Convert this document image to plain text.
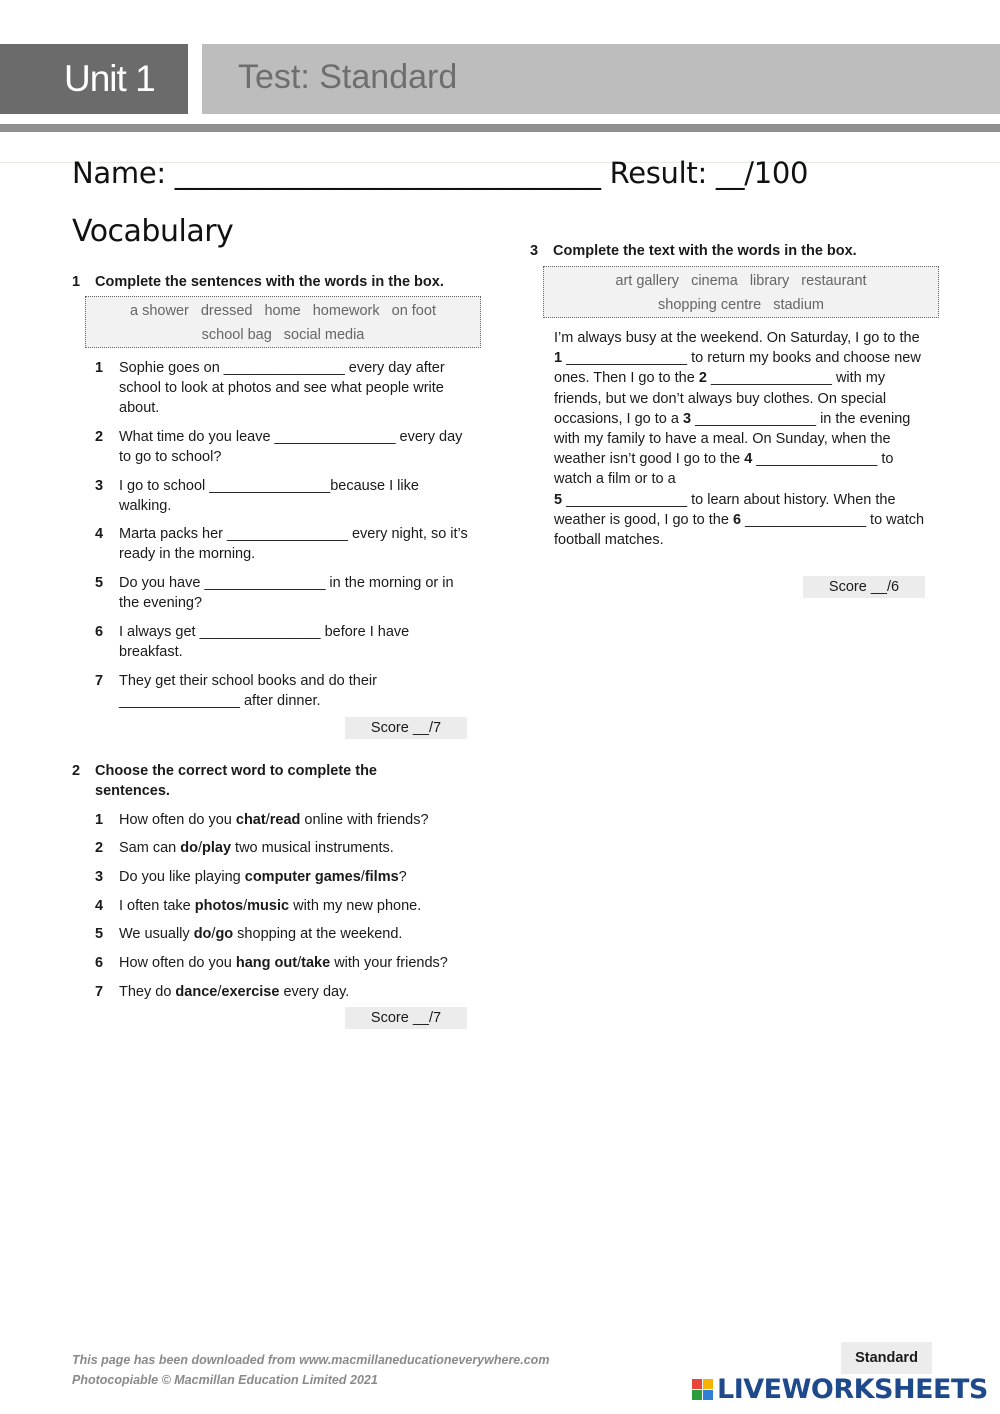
Unit 1	Test: Standard
Name: ______________________________ Result: __/100
Vocabulary
1 Complete the sentences with the words in the box.
a shower dressed home homework on foot
school bag social media
1 Sophie goes on _______________ every day after school to look at photos and see what people write about.
2 What time do you leave _______________ every day to go to school?
3 I go to school _______________because I like walking.
4 Marta packs her _______________ every night, so it’s ready in the morning.
5 Do you have _______________ in the morning or in the evening?
6 I always get _______________ before I have breakfast.
7 They get their school books and do their _______________ after dinner.
Score __/7
2	Choose the correct word to complete the sentences.
1 How often do you chat/read online with friends?
2 Sam can do/play two musical instruments.
3 Do you like playing computer games/films?
4 I often take photos/music with my new phone.
5 We usually do/go shopping at the weekend.
6 How often do you hang out/take with your friends?
7 They do dance/exercise every day.
Score __/7
3 Complete the text with the words in the box.
art gallery cinema library restaurant
shopping centre stadium
I’m always busy at the weekend. On Saturday, I go to the
1 _______________ to return my books and choose new ones. Then I go to the 2 _______________ with my friends, but we don’t always buy clothes. On special occasions, I go to a 3 _______________ in the evening with my family to have a meal. On Sunday, when the weather isn’t good I go to the 4 _______________ to watch a film or to a
5 _______________ to learn about history. When the weather is good, I go to the 6 _______________ to watch football matches.
Score __/6
This page has been downloaded from www.macmillaneducationeverywhere.com
Photocopiable © Macmillan Education Limited 2021
Standard
LIVEWORKSHEETS
